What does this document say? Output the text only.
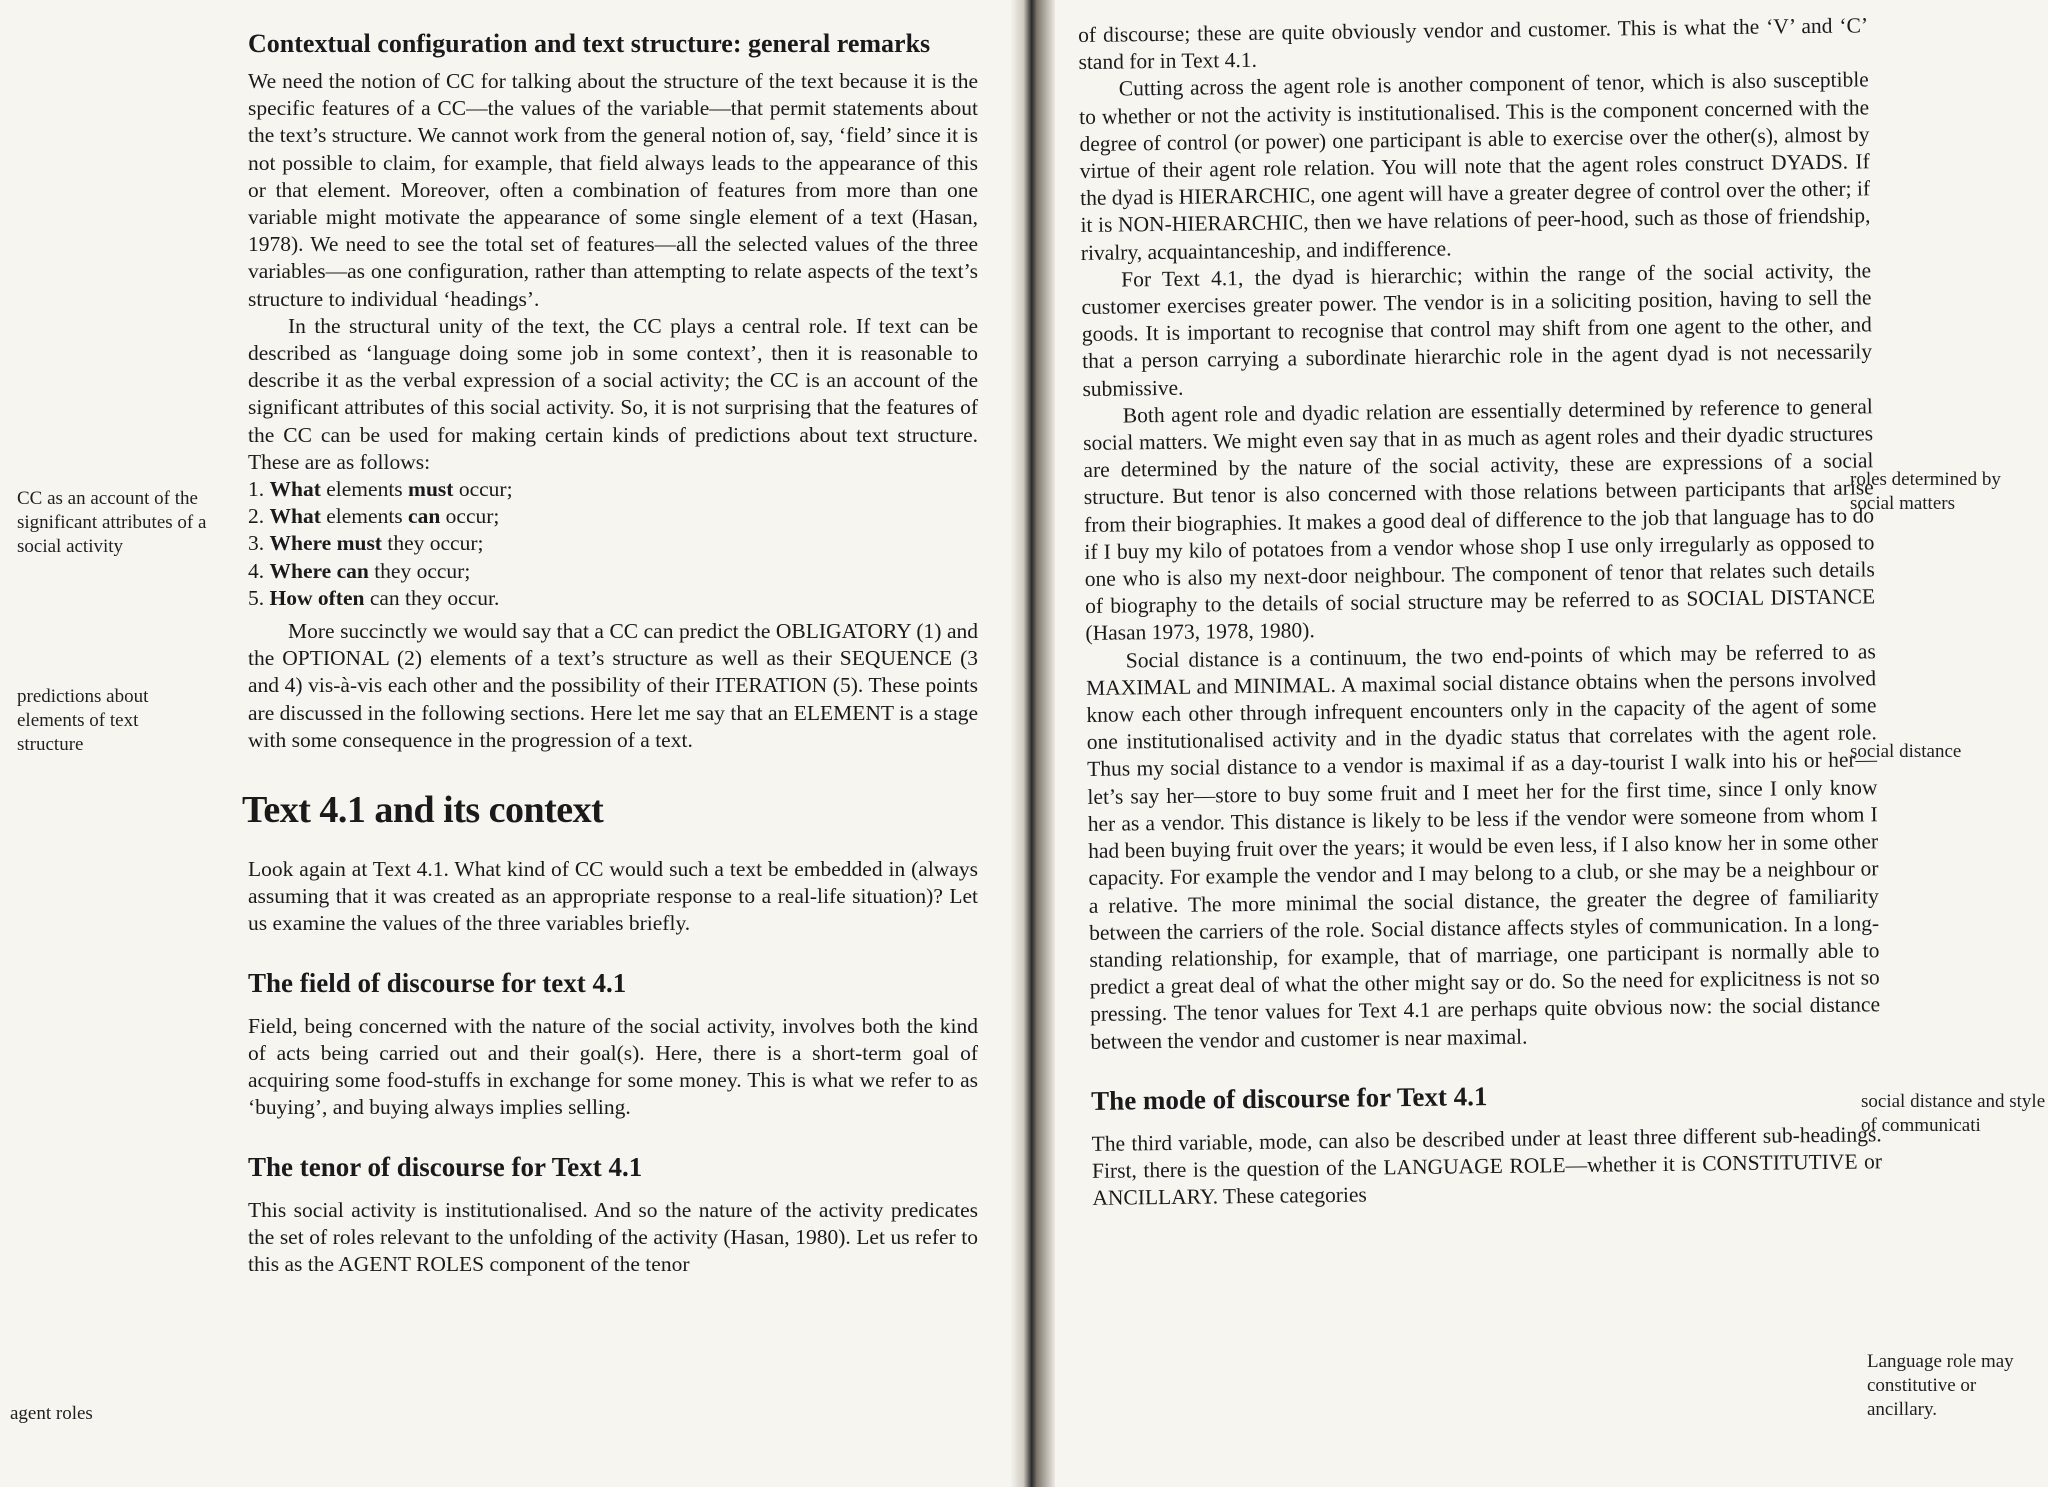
CC as an account of the significant attributes of a social activity
predictions about elements of text structure
agent roles
Contextual configuration and text structure: general remarks

We need the notion of CC for talking about the structure of the text because it is the specific features of a CC—the values of the variable—that permit statements about the text’s structure. We cannot work from the general notion of, say, ‘field’ since it is not possible to claim, for example, that field always leads to the appearance of this or that element. Moreover, often a combination of features from more than one variable might motivate the appearance of some single element of a text (Hasan, 1978). We need to see the total set of features—all the selected values of the three variables—as one configuration, rather than attempting to relate aspects of the text’s structure to individual ‘headings’.

In the structural unity of the text, the CC plays a central role. If text can be described as ‘language doing some job in some context’, then it is reasonable to describe it as the verbal expression of a social activity; the CC is an account of the significant attributes of this social activity. So, it is not surprising that the features of the CC can be used for making certain kinds of predictions about text structure. These are as follows:

1. What elements must occur;
2. What elements can occur;
3. Where must they occur;
4. Where can they occur;
5. How often can they occur.

More succinctly we would say that a CC can predict the OBLIGATORY (1) and the OPTIONAL (2) elements of a text’s structure as well as their SEQUENCE (3 and 4) vis-à-vis each other and the possibility of their ITERATION (5). These points are discussed in the following sections. Here let me say that an ELEMENT is a stage with some consequence in the progression of a text.

Text 4.1 and its context

Look again at Text 4.1. What kind of CC would such a text be embedded in (always assuming that it was created as an appropriate response to a real-life situation)? Let us examine the values of the three variables briefly.

The field of discourse for text 4.1

Field, being concerned with the nature of the social activity, involves both the kind of acts being carried out and their goal(s). Here, there is a short-term goal of acquiring some food-stuffs in exchange for some money. This is what we refer to as ‘buying’, and buying always implies selling.

The tenor of discourse for Text 4.1

This social activity is institutionalised. And so the nature of the activity predicates the set of roles relevant to the unfolding of the activity (Hasan, 1980). Let us refer to this as the AGENT ROLES component of the tenor

of discourse; these are quite obviously vendor and customer. This is what the ‘V’ and ‘C’ stand for in Text 4.1.

Cutting across the agent role is another component of tenor, which is also susceptible to whether or not the activity is institutionalised. This is the component concerned with the degree of control (or power) one participant is able to exercise over the other(s), almost by virtue of their agent role relation. You will note that the agent roles construct DYADS. If the dyad is HIERARCHIC, one agent will have a greater degree of control over the other; if it is NON-HIERARCHIC, then we have relations of peer-hood, such as those of friendship, rivalry, acquaintanceship, and indifference.

For Text 4.1, the dyad is hierarchic; within the range of the social activity, the customer exercises greater power. The vendor is in a soliciting position, having to sell the goods. It is important to recognise that control may shift from one agent to the other, and that a person carrying a subordinate hierarchic role in the agent dyad is not necessarily submissive.

Both agent role and dyadic relation are essentially determined by reference to general social matters. We might even say that in as much as agent roles and their dyadic structures are determined by the nature of the social activity, these are expressions of a social structure. But tenor is also concerned with those relations between participants that arise from their biographies. It makes a good deal of difference to the job that language has to do if I buy my kilo of potatoes from a vendor whose shop I use only irregularly as opposed to one who is also my next-door neighbour. The component of tenor that relates such details of biography to the details of social structure may be referred to as SOCIAL DISTANCE (Hasan 1973, 1978, 1980).

Social distance is a continuum, the two end-points of which may be referred to as MAXIMAL and MINIMAL. A maximal social distance obtains when the persons involved know each other through infrequent encounters only in the capacity of the agent of some one institutionalised activity and in the dyadic status that correlates with the agent role. Thus my social distance to a vendor is maximal if as a day-tourist I walk into his or her—let’s say her—store to buy some fruit and I meet her for the first time, since I only know her as a vendor. This distance is likely to be less if the vendor were someone from whom I had been buying fruit over the years; it would be even less, if I also know her in some other capacity. For example the vendor and I may belong to a club, or she may be a neighbour or a relative. The more minimal the social distance, the greater the degree of familiarity between the carriers of the role. Social distance affects styles of communication. In a long-standing relationship, for example, that of marriage, one participant is normally able to predict a great deal of what the other might say or do. So the need for explicitness is not so pressing. The tenor values for Text 4.1 are perhaps quite obvious now: the social distance between the vendor and customer is near maximal.

The mode of discourse for Text 4.1

The third variable, mode, can also be described under at least three different sub-headings. First, there is the question of the LANGUAGE ROLE—whether it is CONSTITUTIVE or ANCILLARY. These categories

roles determined by social matters
social distance
social distance and style of communicati
Language role may constitutive or ancillary.
